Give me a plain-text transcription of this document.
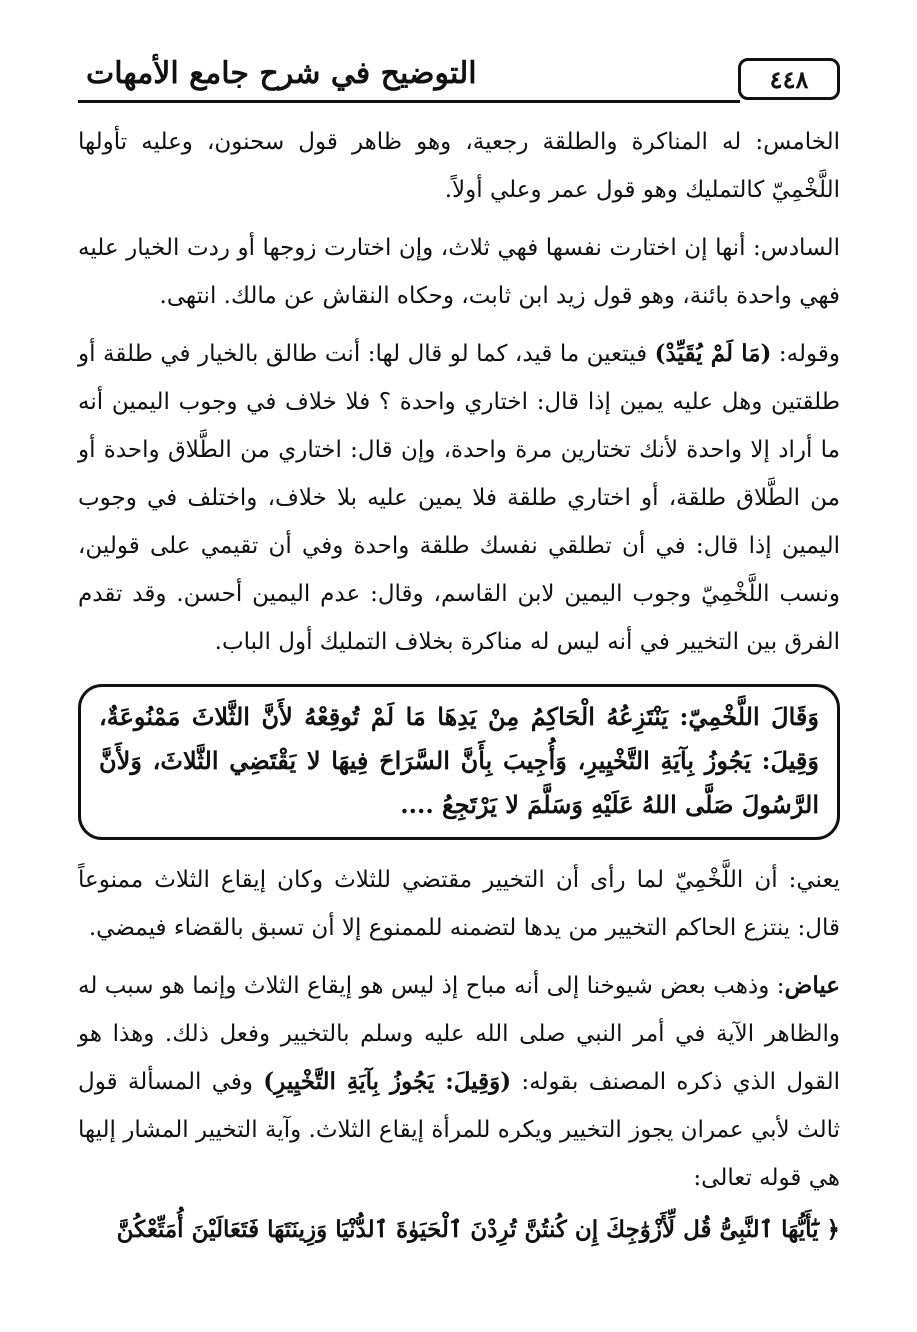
٤٤٨
التوضيح في شرح جامع الأمهات

الخامس: له المناكرة والطلقة رجعية، وهو ظاهر قول سحنون، وعليه تأولها اللَّخْمِيّ كالتمليك وهو قول عمر وعلي أولاً.

السادس: أنها إن اختارت نفسها فهي ثلاث، وإن اختارت زوجها أو ردت الخيار عليه فهي واحدة بائنة، وهو قول زيد ابن ثابت، وحكاه النقاش عن مالك. انتهى.

وقوله: (مَا لَمْ يُقَيِّدْ) فيتعين ما قيد، كما لو قال لها: أنت طالق بالخيار في طلقة أو طلقتين وهل عليه يمين إذا قال: اختاري واحدة ؟ فلا خلاف في وجوب اليمين أنه ما أراد إلا واحدة لأنك تختارين مرة واحدة، وإن قال: اختاري من الطَّلاق واحدة أو من الطَّلاق طلقة، أو اختاري طلقة فلا يمين عليه بلا خلاف، واختلف في وجوب اليمين إذا قال: في أن تطلقي نفسك طلقة واحدة وفي أن تقيمي على قولين، ونسب اللَّخْمِيّ وجوب اليمين لابن القاسم، وقال: عدم اليمين أحسن. وقد تقدم الفرق بين التخيير في أنه ليس له مناكرة بخلاف التمليك أول الباب.

وَقَالَ اللَّخْمِيّ: يَنْتَزِعُهُ الْحَاكِمُ مِنْ يَدِهَا مَا لَمْ تُوقِعْهُ لأَنَّ الثَّلاثَ مَمْنُوعَةٌ، وَقِيلَ: يَجُوزُ بِآيَةِ التَّخْيِيرِ، وَأُجِيبَ بِأَنَّ السَّرَاحَ فِيهَا لا يَقْتَضِي الثَّلاثَ، وَلأَنَّ الرَّسُولَ صَلَّى اللهُ عَلَيْهِ وَسَلَّمَ لا يَرْتَجِعُ ....

يعني: أن اللَّخْمِيّ لما رأى أن التخيير مقتضي للثلاث وكان إيقاع الثلاث ممنوعاً قال: ينتزع الحاكم التخيير من يدها لتضمنه للممنوع إلا أن تسبق بالقضاء فيمضي.

عياض: وذهب بعض شيوخنا إلى أنه مباح إذ ليس هو إيقاع الثلاث وإنما هو سبب له والظاهر الآية في أمر النبي صلى الله عليه وسلم بالتخيير وفعل ذلك. وهذا هو القول الذي ذكره المصنف بقوله: (وَقِيلَ: يَجُوزُ بِآيَةِ التَّخْيِيرِ) وفي المسألة قول ثالث لأبي عمران يجوز التخيير ويكره للمرأة إيقاع الثلاث. وآية التخيير المشار إليها هي قوله تعالى:

﴿ يَٰٓأَيُّهَا ٱلنَّبِىُّ قُل لِّأَزْوَٰجِكَ إِن كُنتُنَّ تُرِدْنَ ٱلْحَيَوٰةَ ٱلدُّنْيَا وَزِينَتَهَا فَتَعَالَيْنَ أُمَتِّعْكُنَّ
